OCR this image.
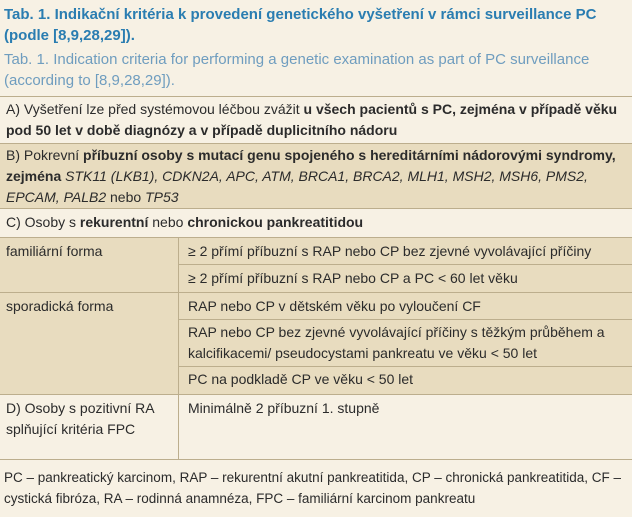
Tab. 1. Indikační kritéria k provedení genetického vyšetření v rámci surveillance PC (podle [8,9,28,29]).
Tab. 1. Indication criteria for performing a genetic examination as part of PC surveillance (according to [8,9,28,29]).
A) Vyšetření lze před systémovou léčbou zvážit u všech pacientů s PC, zejména v případě věku pod 50 let v době diagnózy a v případě duplicitního nádoru
B) Pokrevní příbuzní osoby s mutací genu spojeného s hereditárními nádorovými syndromy, zejména STK11 (LKB1), CDKN2A, APC, ATM, BRCA1, BRCA2, MLH1, MSH2, MSH6, PMS2, EPCAM, PALB2 nebo TP53
C) Osoby s rekurentní nebo chronickou pankreatitidou
familiární forma	≥ 2 přímí příbuzní s RAP nebo CP bez zjevné vyvolávající příčiny
≥ 2 přímí příbuzní s RAP nebo CP a PC < 60 let věku
sporadická forma	RAP nebo CP v dětském věku po vyloučení CF
RAP nebo CP bez zjevné vyvolávající příčiny s těžkým průběhem a kalcifikacemi/ pseudocystami pankreatu ve věku < 50 let
PC na podkladě CP ve věku < 50 let
D) Osoby s pozitivní RA splňující kritéria FPC
Minimálně 2 příbuzní 1. stupně
PC – pankreatický karcinom, RAP – rekurentní akutní pankreatitida, CP – chronická pankreatitida, CF – cystická fibróza, RA – rodinná anamnéza, FPC – familiární karcinom pankreatu
